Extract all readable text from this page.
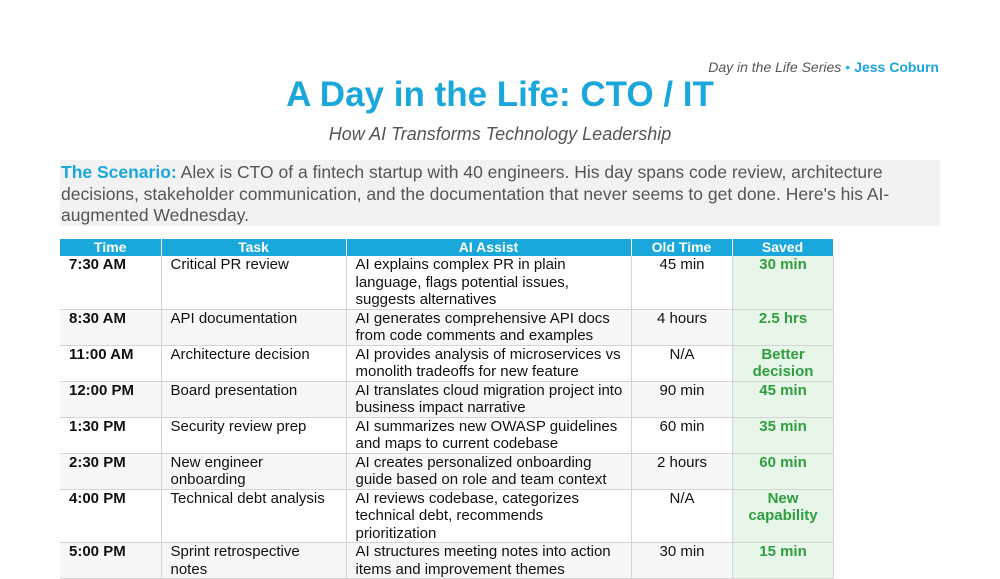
Day in the Life Series • Jess Coburn
A Day in the Life: CTO / IT
How AI Transforms Technology Leadership
The Scenario: Alex is CTO of a fintech startup with 40 engineers. His day spans code review, architecture decisions, stakeholder communication, and the documentation that never seems to get done. Here's his AI-augmented Wednesday.
Time	Task	AI Assist	Old Time	Saved
7:30 AM	Critical PR review	AI explains complex PR in plain language, flags potential issues, suggests alternatives	45 min	30 min
8:30 AM	API documentation	AI generates comprehensive API docs from code comments and examples	4 hours	2.5 hrs
11:00 AM	Architecture decision	AI provides analysis of microservices vs monolith tradeoffs for new feature	N/A	Better decision
12:00 PM	Board presentation	AI translates cloud migration project into business impact narrative	90 min	45 min
1:30 PM	Security review prep	AI summarizes new OWASP guidelines and maps to current codebase	60 min	35 min
2:30 PM	New engineer onboarding	AI creates personalized onboarding guide based on role and team context	2 hours	60 min
4:00 PM	Technical debt analysis	AI reviews codebase, categorizes technical debt, recommends prioritization	N/A	New capability
5:00 PM	Sprint retrospective notes	AI structures meeting notes into action items and improvement themes	30 min	15 min
